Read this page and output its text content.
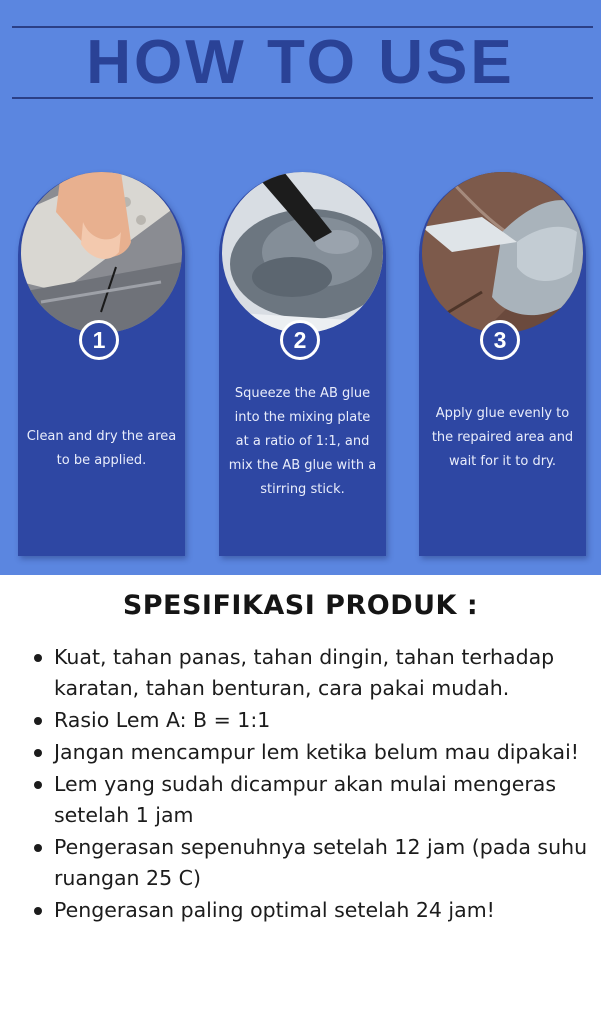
HOW TO USE
1
Clean and dry the area to be applied.
2
Squeeze the AB glue into the mixing plate at a ratio of 1:1, and mix the AB glue with a stirring stick.
3
Apply glue evenly to the repaired area and wait for it to dry.
SPESIFIKASI PRODUK :
Kuat, tahan panas, tahan dingin, tahan terhadap karatan, tahan benturan, cara pakai mudah.
Rasio Lem A: B = 1:1
Jangan mencampur lem ketika belum mau dipakai!
Lem yang sudah dicampur akan mulai mengeras setelah 1 jam
Pengerasan sepenuhnya setelah 12 jam (pada suhu ruangan 25 C)
Pengerasan paling optimal setelah 24 jam!
